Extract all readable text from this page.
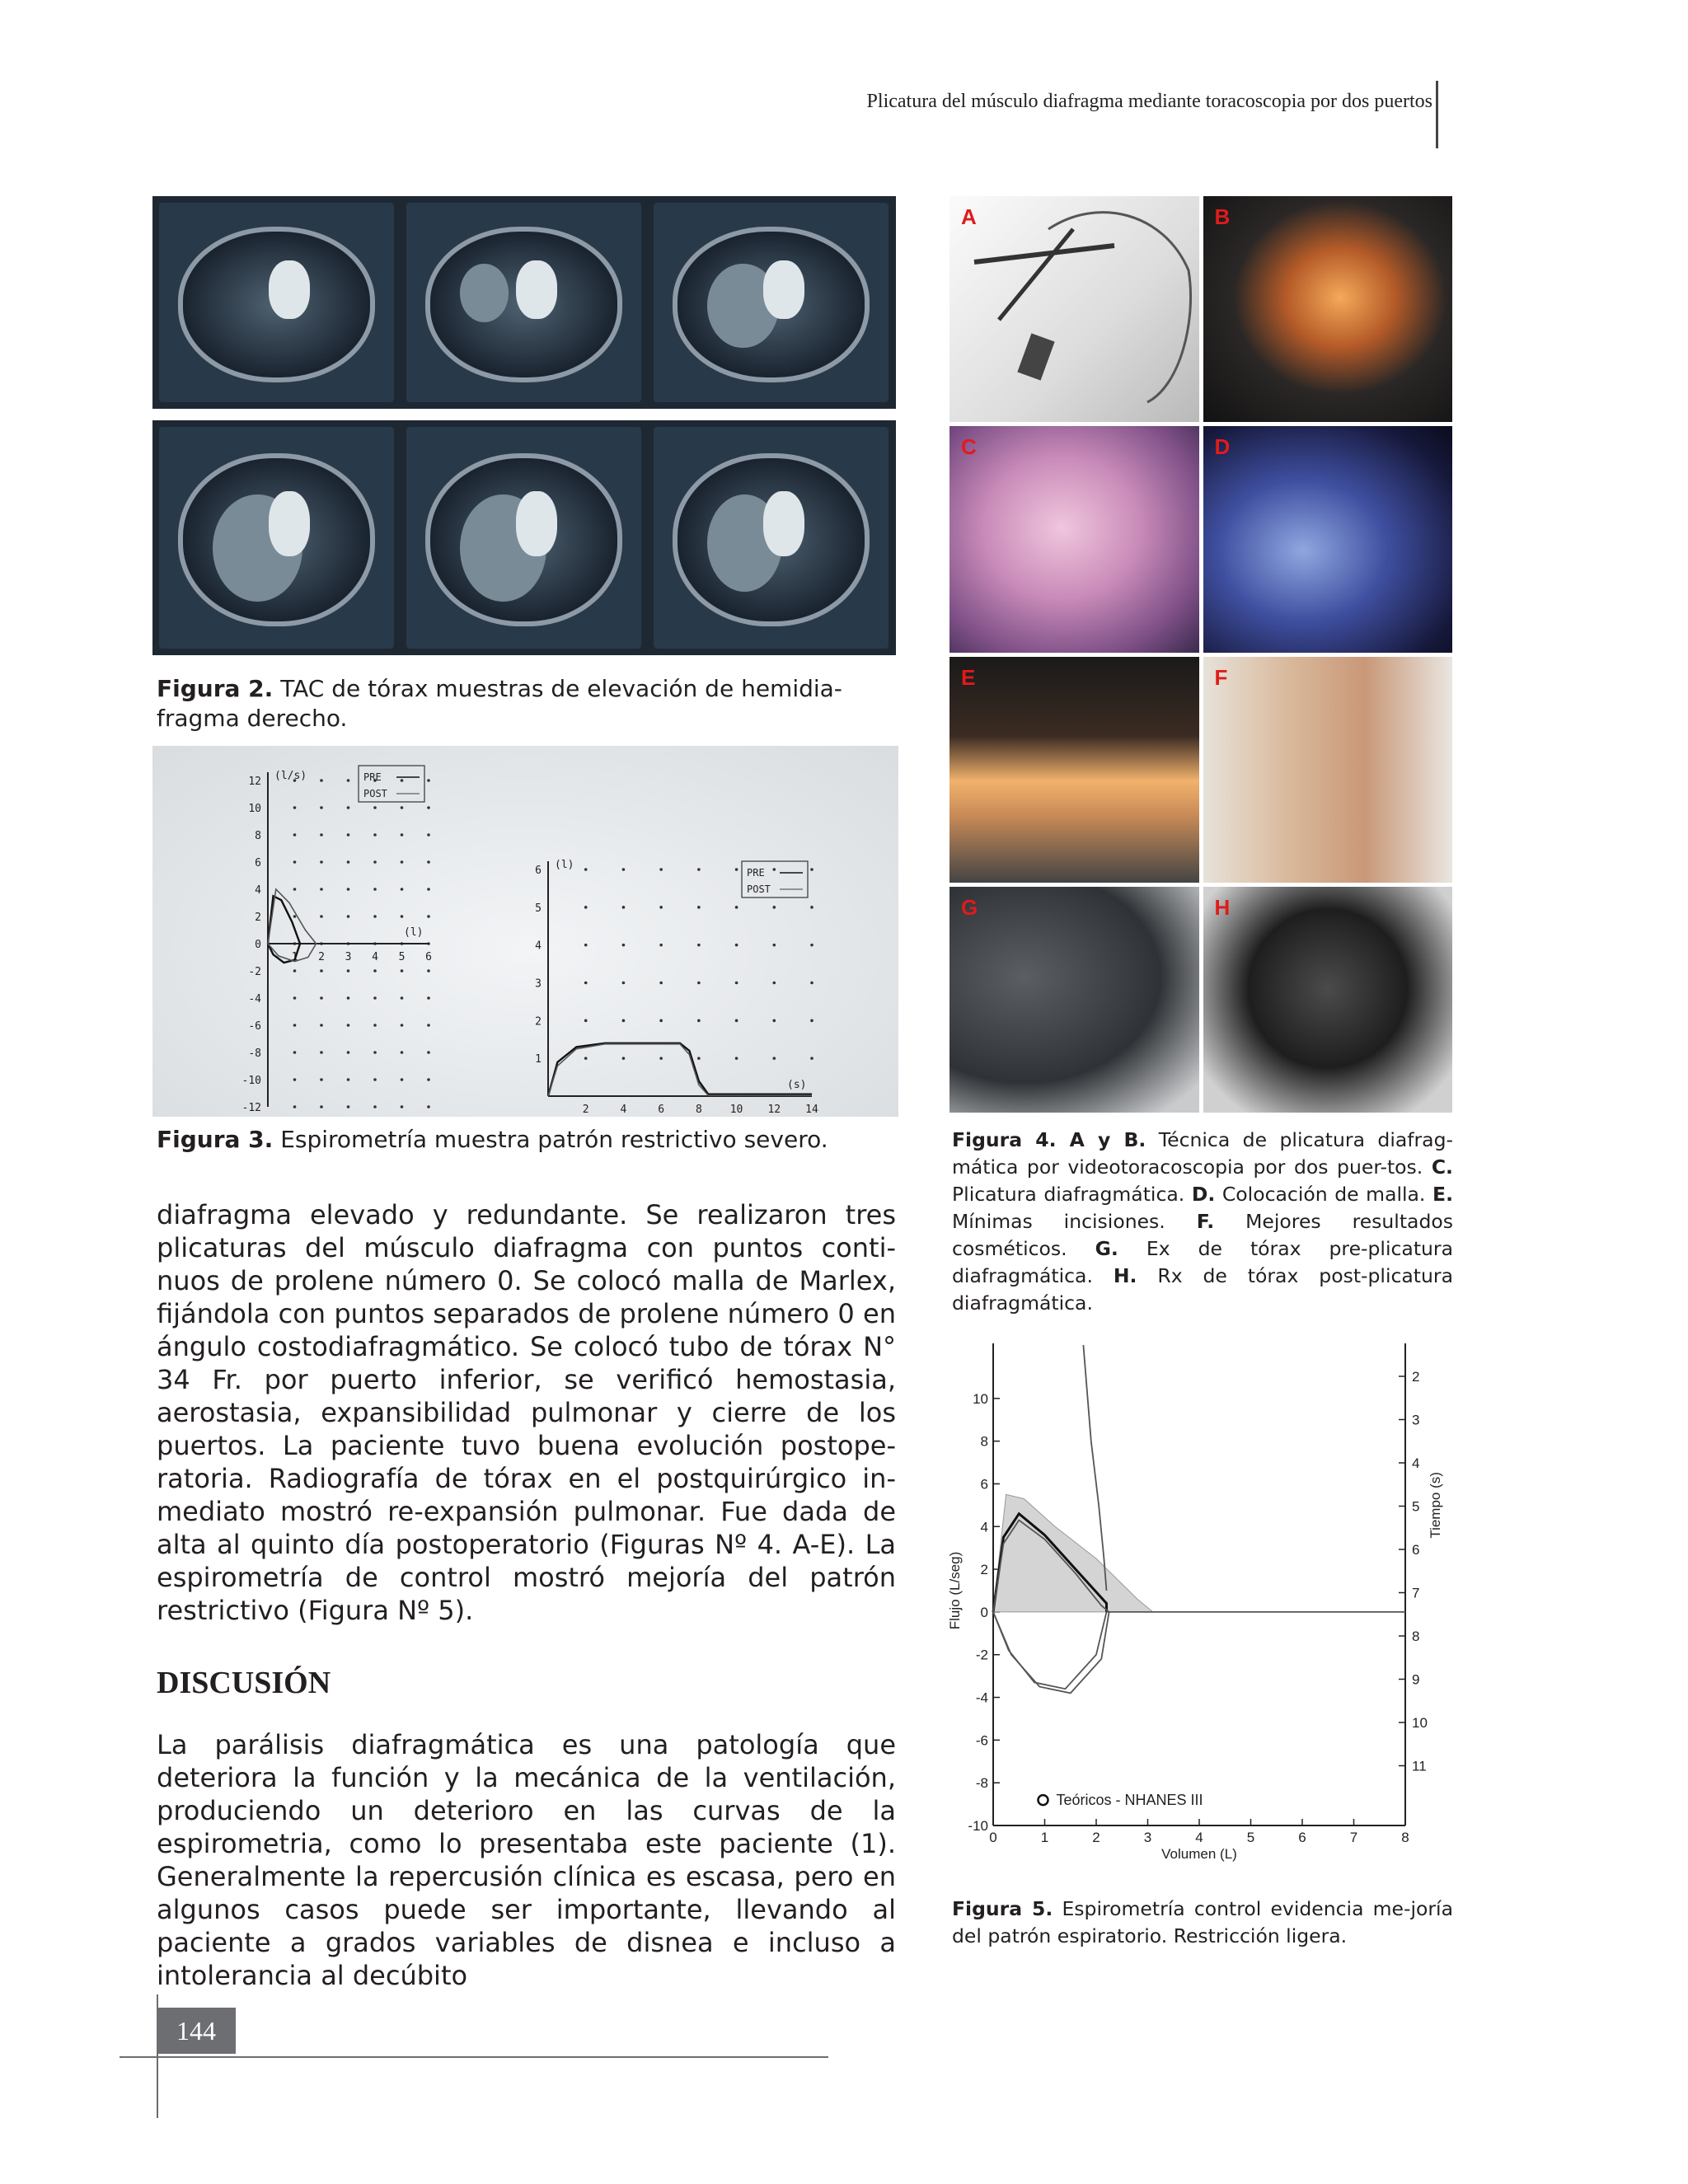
Plicatura del músculo diafragma mediante toracoscopia por dos puertos
Figura 2. TAC de tórax muestras de elevación de hemidia-fragma derecho.
12
10
8
6
4
2
0
-2
-4
-6
-8
-10
-12
1 2 3 4 5 6
(l/s)
(l)
PRE
POST
6
5
4
3
2
1
2	4	6	8	10 12 14
(l)
(s)
PRE
POST
Figura 3. Espirometría muestra patrón restrictivo severo.
A	B
C	D
E	F
G	H
Figura 4. A y B. Técnica de plicatura diafrag-mática por videotoracoscopia por dos puer-tos. C. Plicatura diafragmática. D. Colocación de malla. E. Mínimas incisiones. F. Mejores resultados cosméticos. G. Ex de tórax pre-plicatura diafragmática. H. Rx de tórax post-plicatura diafragmática.
10
8
6
4
2
0
-2
-4
-6
-8
-10
0	1	2	3	4	5	6	7	8
2
3
4
5
6
7
8
9
10
11
Volumen (L)
Flujo (L/seg)
Tiempo (s)
Teóricos - NHANES III
Figura 5. Espirometría control evidencia me-joría del patrón espiratorio. Restricción ligera.

diafragma elevado y redundante. Se realizaron tres plicaturas del músculo diafragma con puntos conti-nuos de prolene número 0. Se colocó malla de Marlex, fijándola con puntos separados de prolene número 0 en ángulo costodiafragmático. Se colocó tubo de tórax N° 34 Fr. por puerto inferior, se verificó hemostasia, aerostasia, expansibilidad pulmonar y cierre de los puertos. La paciente tuvo buena evolución postope-ratoria. Radiografía de tórax en el postquirúrgico in-mediato mostró re-expansión pulmonar. Fue dada de alta al quinto día postoperatorio (Figuras Nº 4. A-E). La espirometría de control mostró mejoría del patrón restrictivo (Figura Nº 5).

DISCUSIÓN

La parálisis diafragmática es una patología que deteriora la función y la mecánica de la ventilación, produciendo un deterioro en las curvas de la espirometria, como lo presentaba este paciente (1). Generalmente la repercusión clínica es escasa, pero en algunos casos puede ser importante, llevando al paciente a grados variables de disnea e incluso a intolerancia al decúbito

144
